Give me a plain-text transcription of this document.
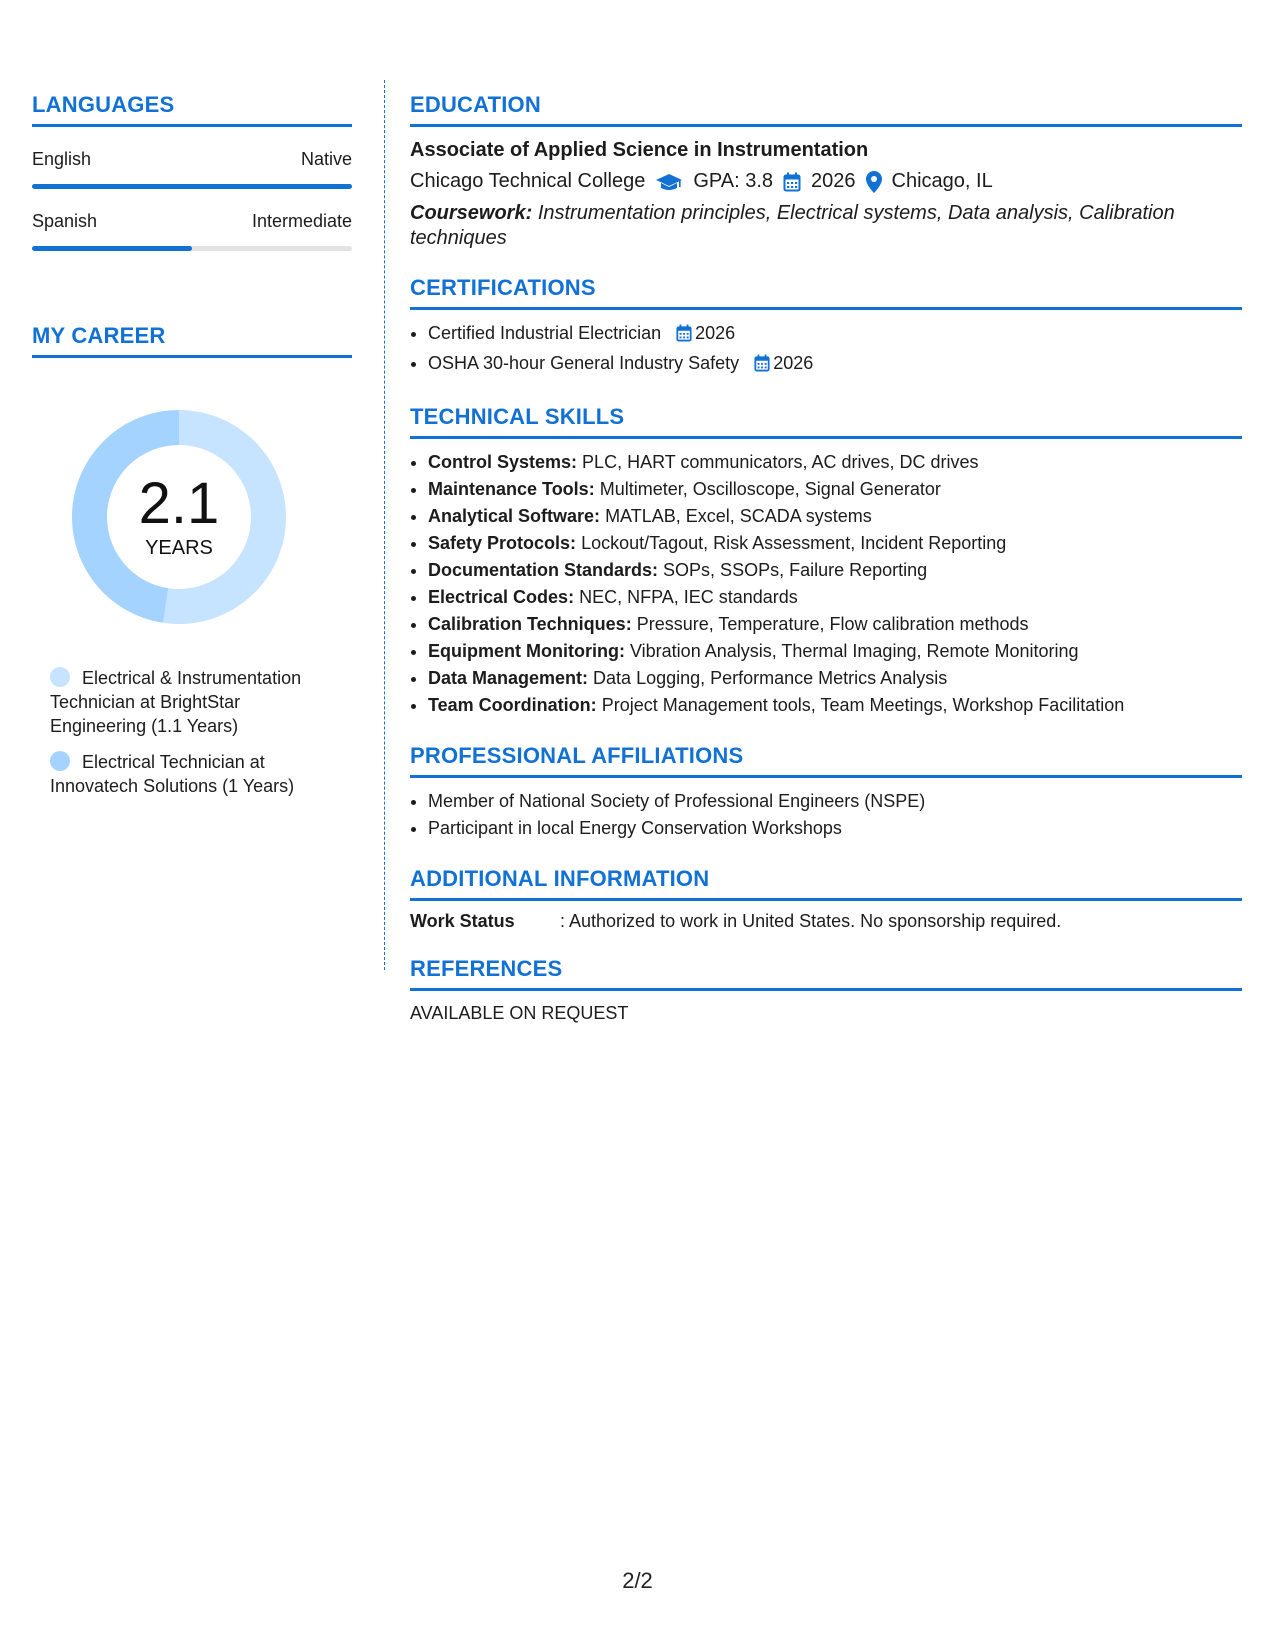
LANGUAGES
English	Native
Spanish	Intermediate
MY CAREER
2.1
YEARS
Electrical & Instrumentation Technician at BrightStar Engineering (1.1 Years)
Electrical Technician at Innovatech Solutions (1 Years)
EDUCATION
Associate of Applied Science in Instrumentation
Chicago Technical College GPA: 3.8 2026 Chicago, IL
Coursework: Instrumentation principles, Electrical systems, Data analysis, Calibration techniques
CERTIFICATIONS
• Certified Industrial Electrician 2026
• OSHA 30-hour General Industry Safety 2026
TECHNICAL SKILLS
• Control Systems: PLC, HART communicators, AC drives, DC drives
• Maintenance Tools: Multimeter, Oscilloscope, Signal Generator
• Analytical Software: MATLAB, Excel, SCADA systems
• Safety Protocols: Lockout/Tagout, Risk Assessment, Incident Reporting
• Documentation Standards: SOPs, SSOPs, Failure Reporting
• Electrical Codes: NEC, NFPA, IEC standards
• Calibration Techniques: Pressure, Temperature, Flow calibration methods
• Equipment Monitoring: Vibration Analysis, Thermal Imaging, Remote Monitoring
• Data Management: Data Logging, Performance Metrics Analysis
• Team Coordination: Project Management tools, Team Meetings, Workshop Facilitation
PROFESSIONAL AFFILIATIONS
• Member of National Society of Professional Engineers (NSPE)
• Participant in local Energy Conservation Workshops
ADDITIONAL INFORMATION
Work Status	: Authorized to work in United States. No sponsorship required.
REFERENCES
AVAILABLE ON REQUEST
2/2
